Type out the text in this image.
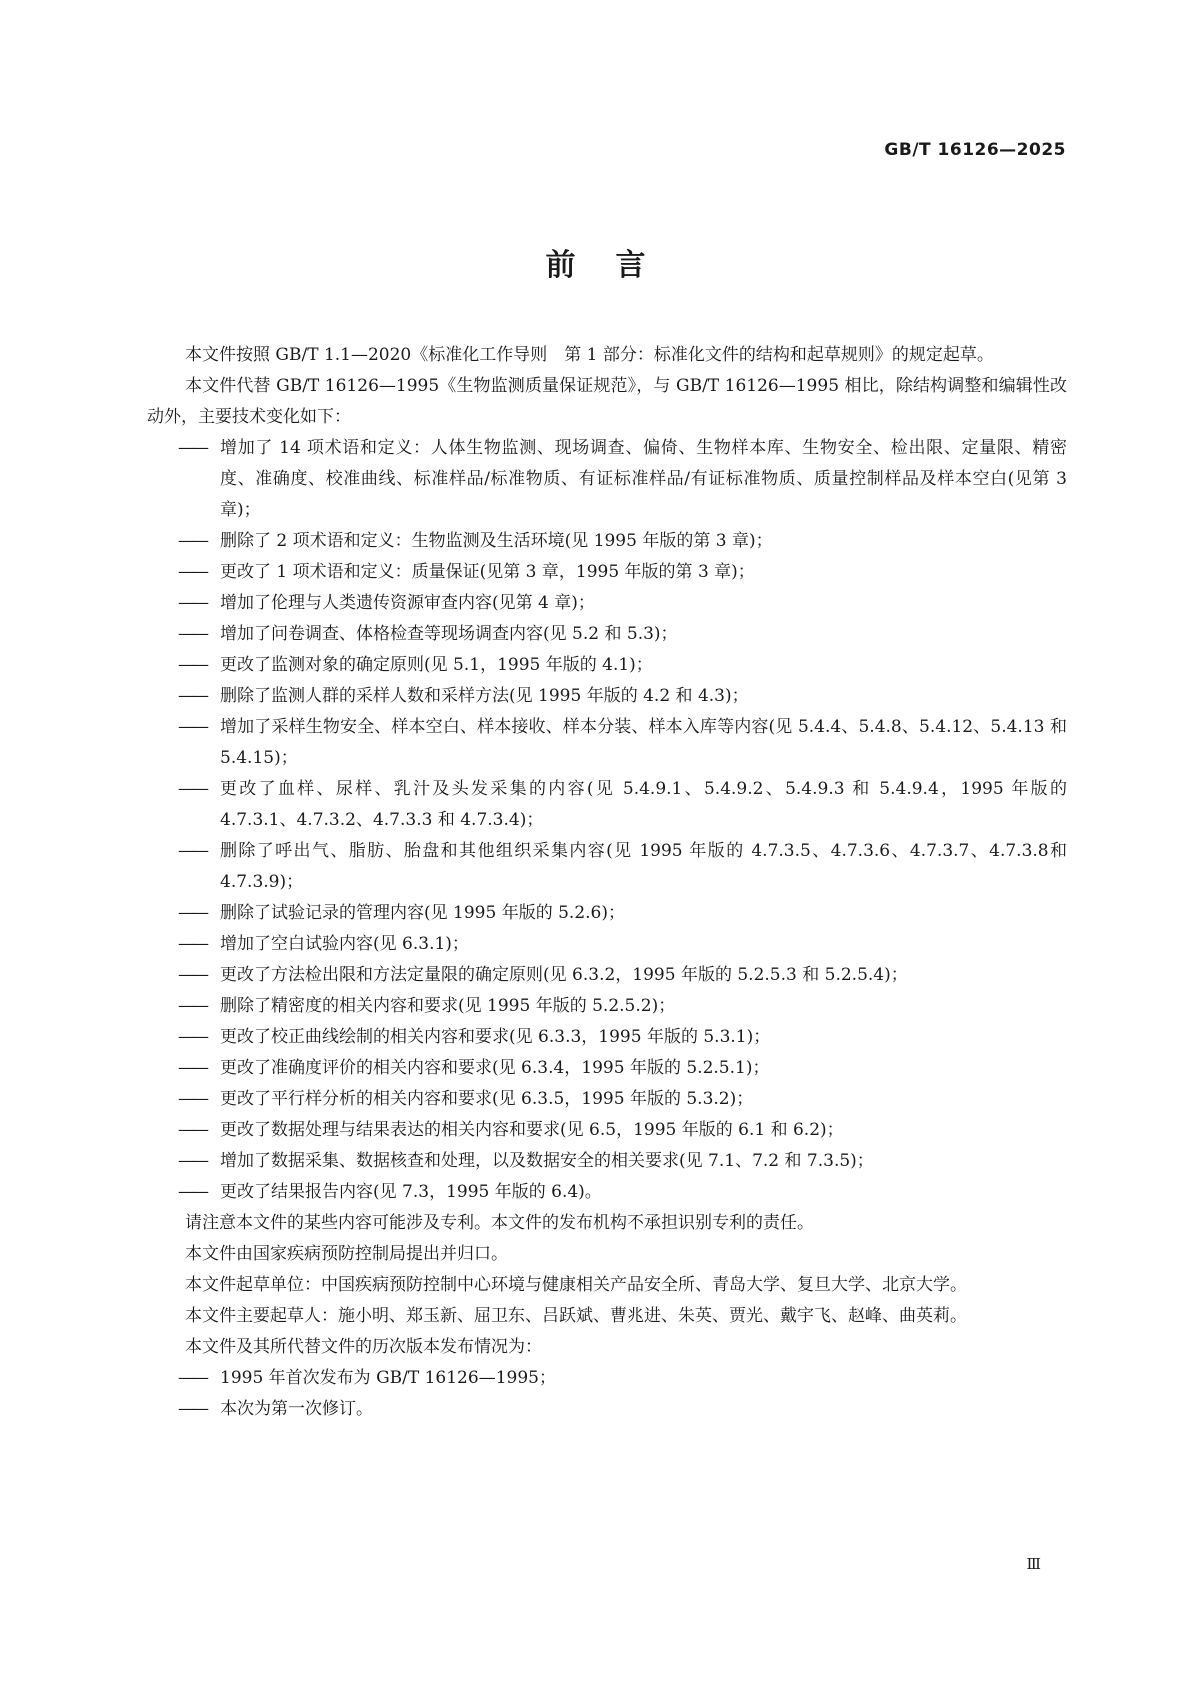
GB/T 16126—2025
前言

本文件按照 GB/T 1.1—2020《标准化工作导则　第 1 部分：标准化文件的结构和起草规则》的规定起草。

本文件代替 GB/T 16126—1995《生物监测质量保证规范》，与 GB/T 16126—1995 相比，除结构调整和编辑性改动外，主要技术变化如下：

—— 增加了 14 项术语和定义：人体生物监测、现场调查、偏倚、生物样本库、生物安全、检出限、定量限、精密度、准确度、校准曲线、标准样品/标准物质、有证标准样品/有证标准物质、质量控制样品及样本空白(见第 3 章)；

—— 删除了 2 项术语和定义：生物监测及生活环境(见 1995 年版的第 3 章)；

—— 更改了 1 项术语和定义：质量保证(见第 3 章，1995 年版的第 3 章)；

—— 增加了伦理与人类遗传资源审查内容(见第 4 章)；

—— 增加了问卷调查、体格检查等现场调查内容(见 5.2 和 5.3)；

—— 更改了监测对象的确定原则(见 5.1，1995 年版的 4.1)；

—— 删除了监测人群的采样人数和采样方法(见 1995 年版的 4.2 和 4.3)；

—— 增加了采样生物安全、样本空白、样本接收、样本分装、样本入库等内容(见 5.4.4、5.4.8、5.4.12、5.4.13 和 5.4.15)；

—— 更改了血样、尿样、乳汁及头发采集的内容(见 5.4.9.1、5.4.9.2、5.4.9.3 和 5.4.9.4，1995 年版的 4.7.3.1、4.7.3.2、4.7.3.3 和 4.7.3.4)；

—— 删除了呼出气、脂肪、胎盘和其他组织采集内容(见 1995 年版的 4.7.3.5、4.7.3.6、4.7.3.7、4.7.3.8和 4.7.3.9)；

—— 删除了试验记录的管理内容(见 1995 年版的 5.2.6)；

—— 增加了空白试验内容(见 6.3.1)；

—— 更改了方法检出限和方法定量限的确定原则(见 6.3.2，1995 年版的 5.2.5.3 和 5.2.5.4)；

—— 删除了精密度的相关内容和要求(见 1995 年版的 5.2.5.2)；

—— 更改了校正曲线绘制的相关内容和要求(见 6.3.3，1995 年版的 5.3.1)；

—— 更改了准确度评价的相关内容和要求(见 6.3.4，1995 年版的 5.2.5.1)；

—— 更改了平行样分析的相关内容和要求(见 6.3.5，1995 年版的 5.3.2)；

—— 更改了数据处理与结果表达的相关内容和要求(见 6.5，1995 年版的 6.1 和 6.2)；

—— 增加了数据采集、数据核查和处理，以及数据安全的相关要求(见 7.1、7.2 和 7.3.5)；

—— 更改了结果报告内容(见 7.3，1995 年版的 6.4)。

请注意本文件的某些内容可能涉及专利。本文件的发布机构不承担识别专利的责任。

本文件由国家疾病预防控制局提出并归口。

本文件起草单位：中国疾病预防控制中心环境与健康相关产品安全所、青岛大学、复旦大学、北京大学。

本文件主要起草人：施小明、郑玉新、屈卫东、吕跃斌、曹兆进、朱英、贾光、戴宇飞、赵峰、曲英莉。

本文件及其所代替文件的历次版本发布情况为：

—— 1995 年首次发布为 GB/T 16126—1995；

—— 本次为第一次修订。

Ⅲ
